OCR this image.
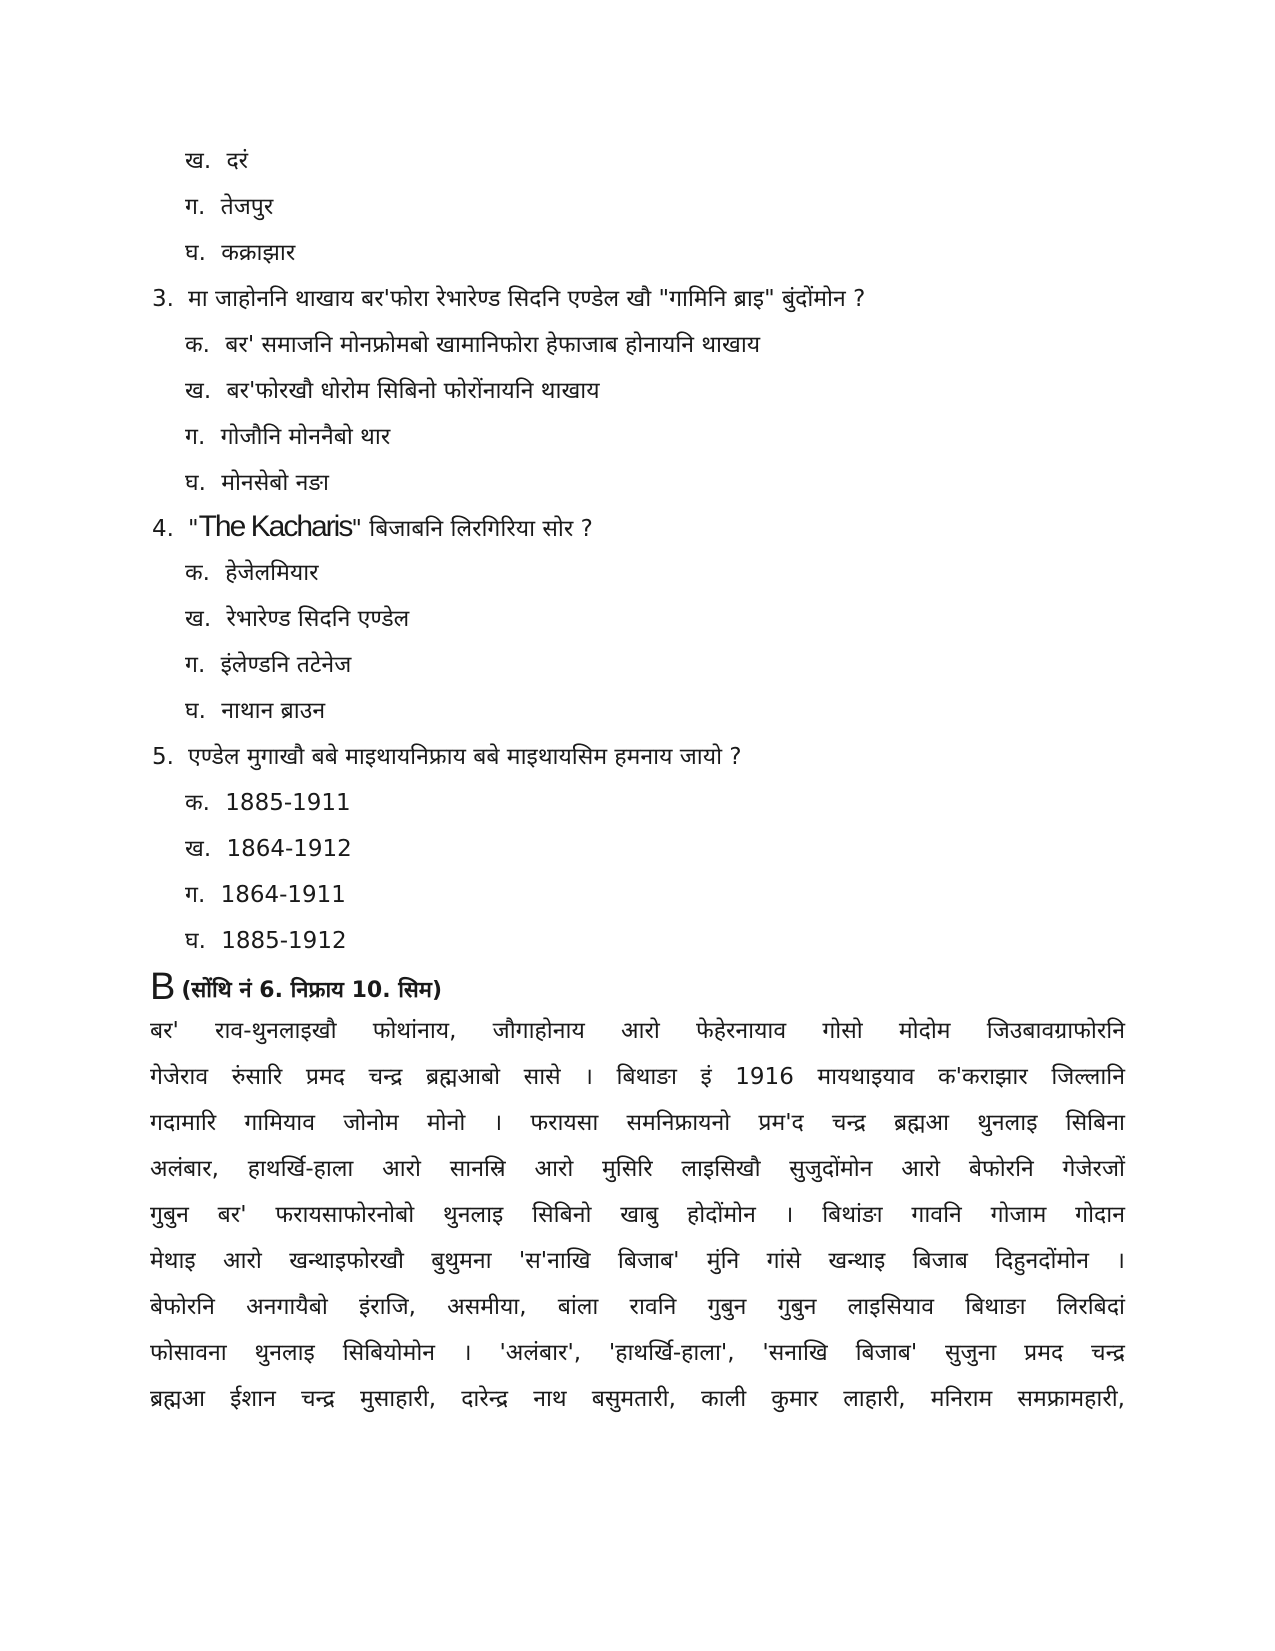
ख. दरं
ग. तेजपुर
घ. कक्राझार
3. मा जाहोननि थाखाय बर'फोरा रेभारेण्ड सिदनि एण्डेल खौ "गामिनि ब्राइ" बुंदोंमोन ?
क. बर' समाजनि मोनफ्रोमबो खामानिफोरा हेफाजाब होनायनि थाखाय
ख. बर'फोरखौ धोरोम सिबिनो फोरोंनायनि थाखाय
ग. गोजौनि मोननैबो थार
घ. मोनसेबो नङा
4. "The Kacharis" बिजाबनि लिरगिरिया सोर ?
क. हेजेलमियार
ख. रेभारेण्ड सिदनि एण्डेल
ग. इंलेण्डनि तटेनेज
घ. नाथान ब्राउन
5. एण्डेल मुगाखौ बबे माइथायनिफ्राय बबे माइथायसिम हमनाय जायो ?
क. 1885-1911
ख. 1864-1912
ग. 1864-1911
घ. 1885-1912
B (सोंथि नं 6. निफ्राय 10. सिम)
बर' राव-थुनलाइखौ फोथांनाय, जौगाहोनाय आरो फेहेरनायाव गोसो मोदोम जिउबावग्राफोरनि
गेजेराव रुंसारि प्रमद चन्द्र ब्रह्मआबो सासे । बिथाङा इं 1916 मायथाइयाव क'कराझार जिल्लानि
गदामारि गामियाव जोनोम मोनो । फरायसा समनिफ्रायनो प्रम'द चन्द्र ब्रह्मआ थुनलाइ सिबिना
अलंबार, हाथर्खि-हाला आरो सानस्रि आरो मुसिरि लाइसिखौ सुजुदोंमोन आरो बेफोरनि गेजेरजों
गुबुन बर' फरायसाफोरनोबो थुनलाइ सिबिनो खाबु होदोंमोन । बिथांङा गावनि गोजाम गोदान
मेथाइ आरो खन्थाइफोरखौ बुथुमना 'स'नाखि बिजाब' मुंनि गांसे खन्थाइ बिजाब दिहुनदोंमोन ।
बेफोरनि अनगायैबो इंराजि, असमीया, बांला रावनि गुबुन गुबुन लाइसियाव बिथाङा लिरबिदां
फोसावना थुनलाइ सिबियोमोन । 'अलंबार', 'हाथर्खि-हाला', 'सनाखि बिजाब' सुजुना प्रमद चन्द्र
ब्रह्मआ ईशान चन्द्र मुसाहारी, दारेन्द्र नाथ बसुमतारी, काली कुमार लाहारी, मनिराम समफ्रामहारी,
